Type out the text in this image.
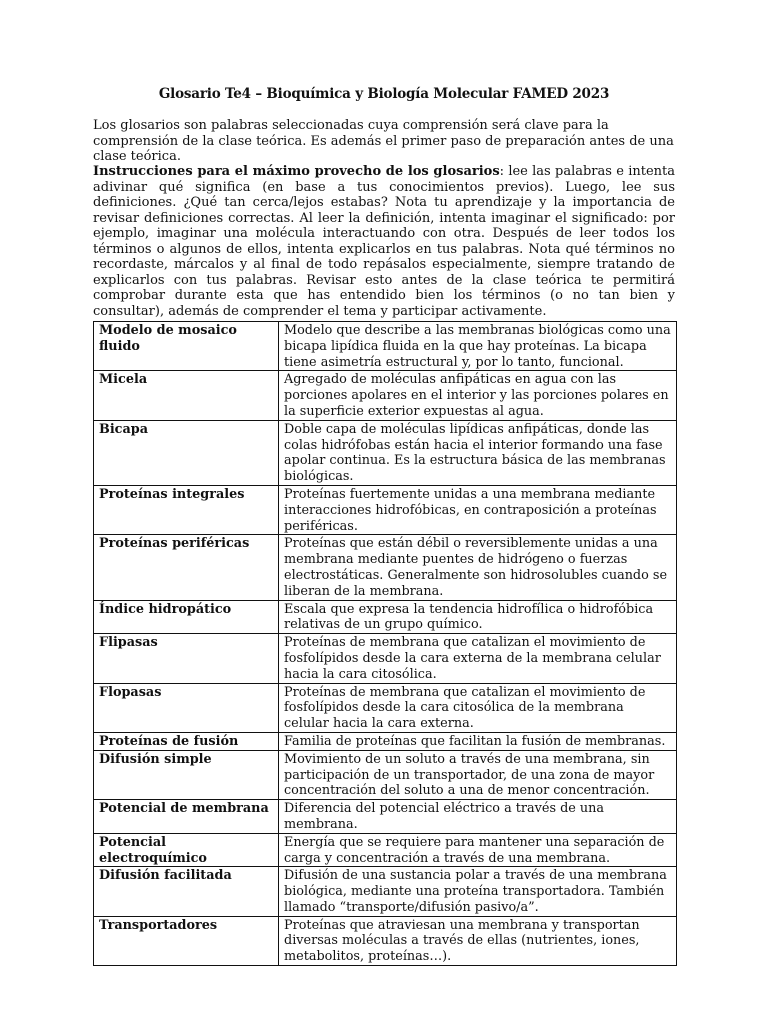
Glosario Te4 – Bioquímica y Biología Molecular FAMED 2023
Los glosarios son palabras seleccionadas cuya comprensión será clave para la comprensión de la clase teórica. Es además el primer paso de preparación antes de una clase teórica.
Instrucciones para el máximo provecho de los glosarios: lee las palabras e intenta adivinar qué significa (en base a tus conocimientos previos). Luego, lee sus definiciones. ¿Qué tan cerca/lejos estabas? Nota tu aprendizaje y la importancia de revisar definiciones correctas. Al leer la definición, intenta imaginar el significado: por ejemplo, imaginar una molécula interactuando con otra. Después de leer todos los términos o algunos de ellos, intenta explicarlos en tus palabras. Nota qué términos no recordaste, márcalos y al final de todo repásalos especialmente, siempre tratando de explicarlos con tus palabras. Revisar esto antes de la clase teórica te permitirá comprobar durante esta que has entendido bien los términos (o no tan bien y consultar), además de comprender el tema y participar activamente.
Modelo de mosaico fluido	Modelo que describe a las membranas biológicas como una bicapa lipídica fluida en la que hay proteínas. La bicapa tiene asimetría estructural y, por lo tanto, funcional.
Micela	Agregado de moléculas anfipáticas en agua con las porciones apolares en el interior y las porciones polares en la superficie exterior expuestas al agua.
Bicapa	Doble capa de moléculas lipídicas anfipáticas, donde las colas hidrófobas están hacia el interior formando una fase apolar continua. Es la estructura básica de las membranas biológicas.
Proteínas integrales	Proteínas fuertemente unidas a una membrana mediante interacciones hidrofóbicas, en contraposición a proteínas periféricas.
Proteínas periféricas	Proteínas que están débil o reversiblemente unidas a una membrana mediante puentes de hidrógeno o fuerzas electrostáticas. Generalmente son hidrosolubles cuando se liberan de la membrana.
Índice hidropático	Escala que expresa la tendencia hidrofílica o hidrofóbica relativas de un grupo químico.
Flipasas	Proteínas de membrana que catalizan el movimiento de fosfolípidos desde la cara externa de la membrana celular hacia la cara citosólica.
Flopasas	Proteínas de membrana que catalizan el movimiento de fosfolípidos desde la cara citosólica de la membrana celular hacia la cara externa.
Proteínas de fusión	Familia de proteínas que facilitan la fusión de membranas.
Difusión simple	Movimiento de un soluto a través de una membrana, sin participación de un transportador, de una zona de mayor concentración del soluto a una de menor concentración.
Potencial de membrana	Diferencia del potencial eléctrico a través de una membrana.
Potencial electroquímico	Energía que se requiere para mantener una separación de carga y concentración a través de una membrana.
Difusión facilitada	Difusión de una sustancia polar a través de una membrana biológica, mediante una proteína transportadora. También llamado “transporte/difusión pasivo/a”.
Transportadores	Proteínas que atraviesan una membrana y transportan diversas moléculas a través de ellas (nutrientes, iones, metabolitos, proteínas…).
